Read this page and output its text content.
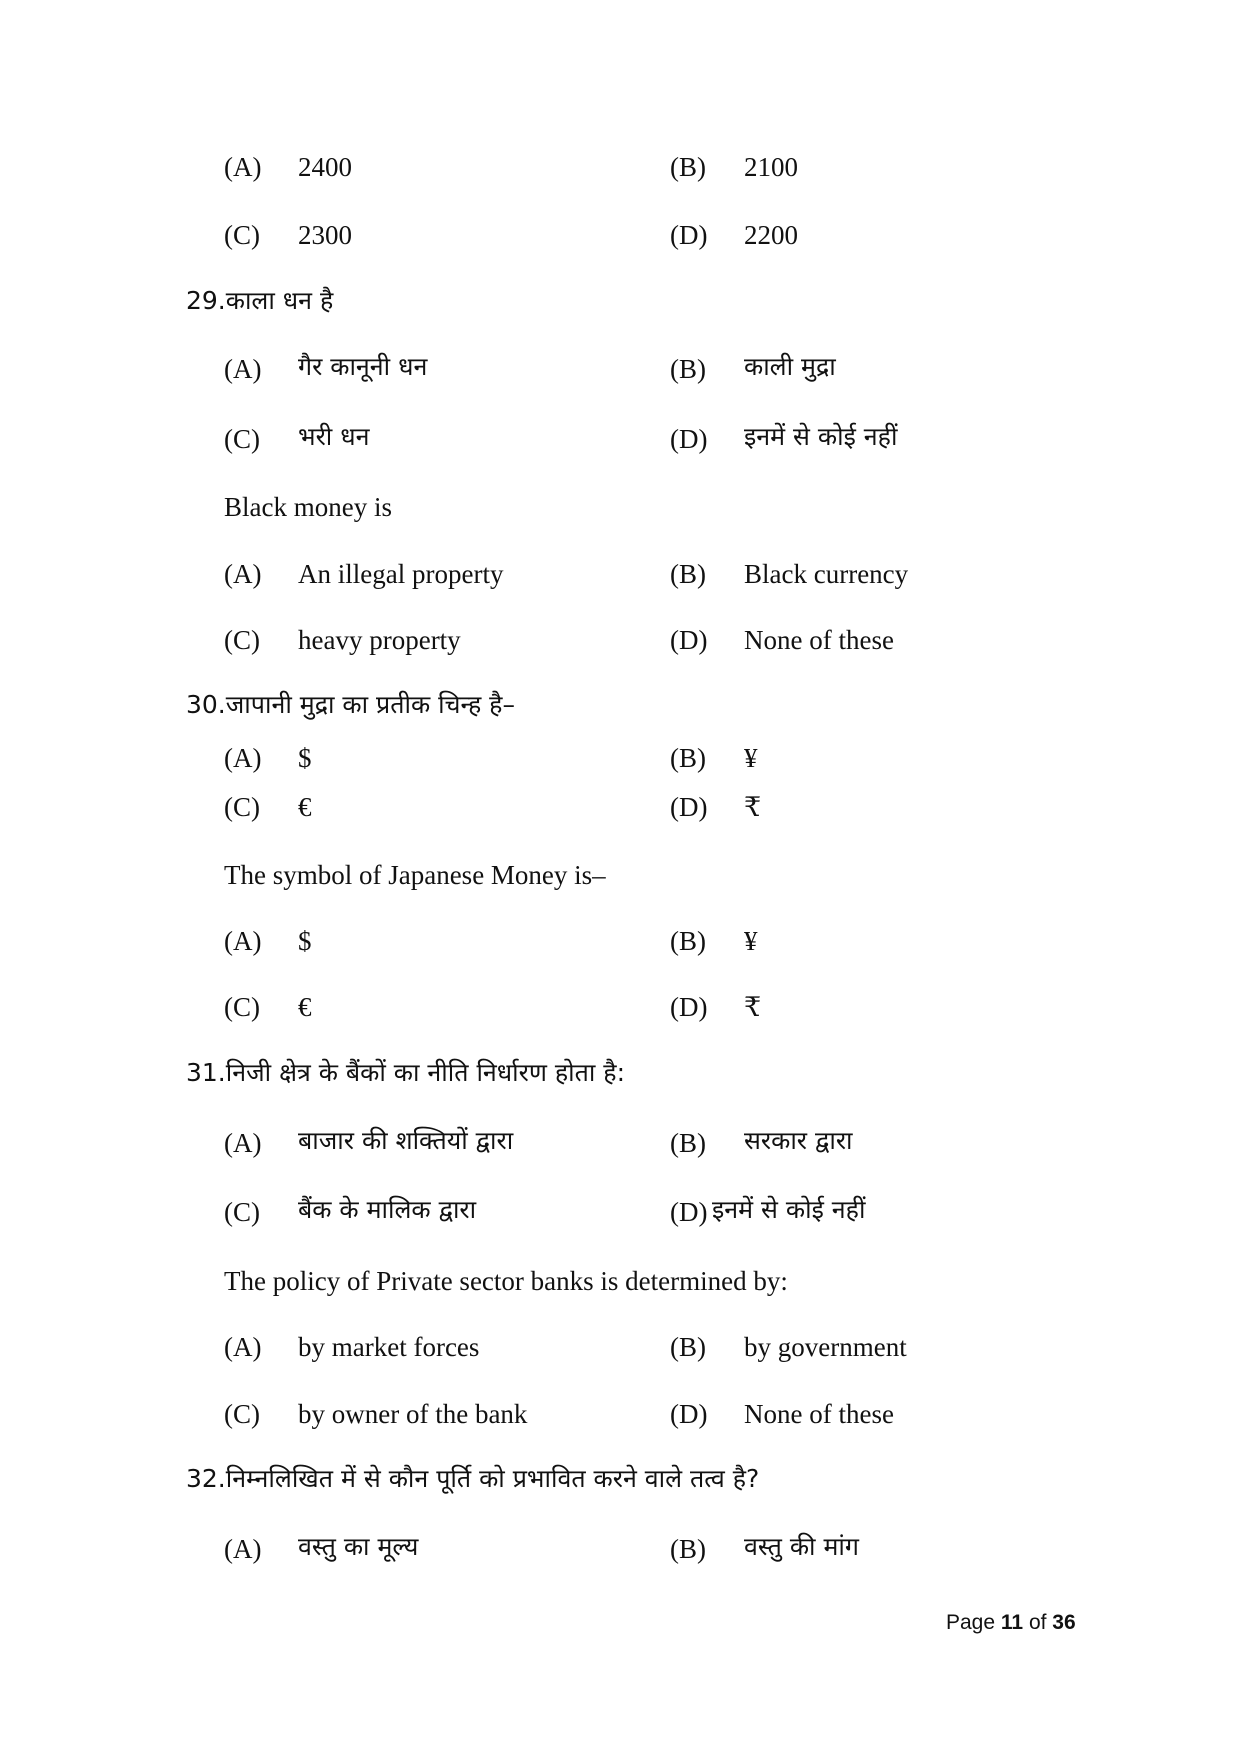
(A) 2400	(B) 2100
(C) 2300	(D) 2200
29.काला धन है
(A) गैर कानूनी धन	(B) काली मुद्रा
(C) भरी धन	(D) इनमें से कोई नहीं
Black money is
(A) An illegal property	(B) Black currency
(C) heavy property	(D) None of these
30.जापानी मुद्रा का प्रतीक चिन्ह है–
(A) $	(B) ¥
(C) €	(D) ₹
The symbol of Japanese Money is–
(A) $	(B) ¥
(C) €	(D) ₹
31.निजी क्षेत्र के बैंकों का नीति निर्धारण होता है:
(A) बाजार की शक्तियों द्वारा	(B) सरकार द्वारा
(C) बैंक के मालिक द्वारा	(D) इनमें से कोई नहीं
The policy of Private sector banks is determined by:
(A) by market forces	(B) by government
(C) by owner of the bank	(D) None of these
32.निम्नलिखित में से कौन पूर्ति को प्रभावित करने वाले तत्व है?
(A) वस्तु का मूल्य	(B) वस्तु की मांग
Page 11 of 36
